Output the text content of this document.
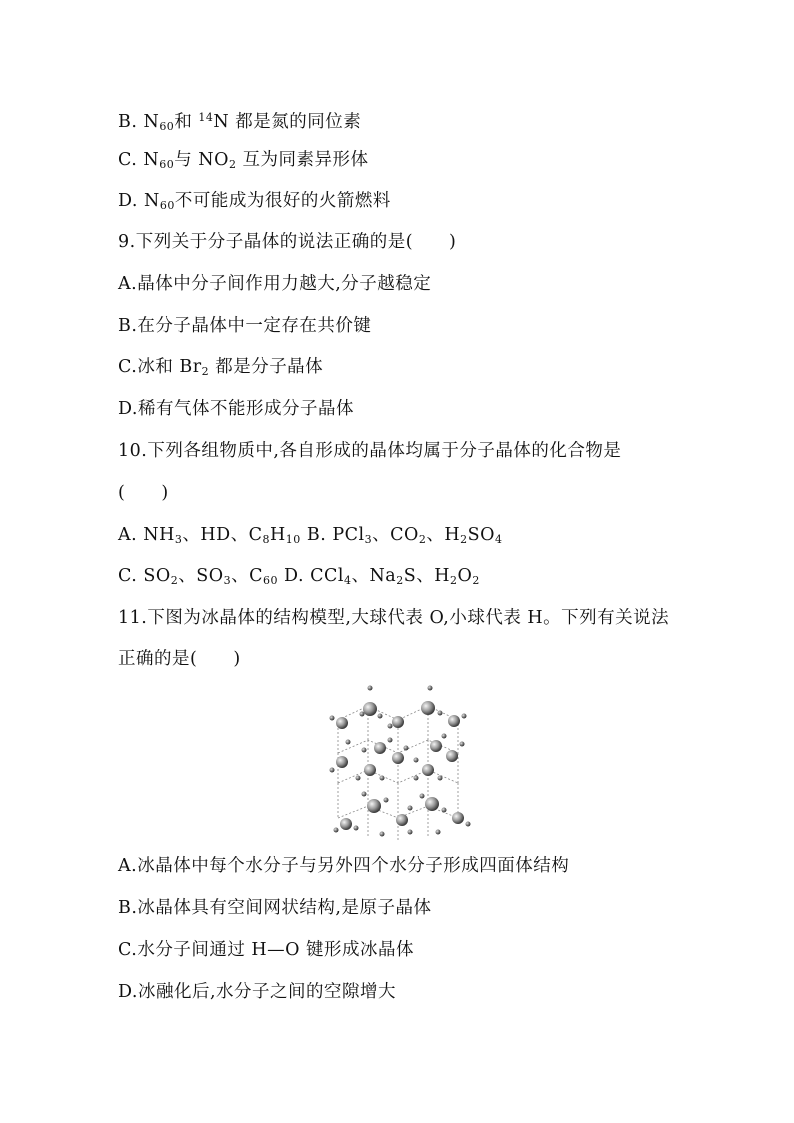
B. $N_{60}$和 $^{14}$N 都是氮的同位素
C. $N_{60}$与 $NO_2$ 互为同素异形体
D. $N_{60}$不可能成为很好的火箭燃料
9.下列关于分子晶体的说法正确的是(　　)
A.晶体中分子间作用力越大,分子越稳定
B.在分子晶体中一定存在共价键
C.冰和 $Br_2$ 都是分子晶体
D.稀有气体不能形成分子晶体
10.下列各组物质中,各自形成的晶体均属于分子晶体的化合物是
(　　)
A. $NH_3$、HD、$C_8H_{10}$ B. PCl$_3$、$CO_2$、$H_2SO_4$
C. $SO_2$、$SO_3$、$C_{60}$ D. CCl$_4$、$Na_2S$、$H_2O_2$
11.下图为冰晶体的结构模型,大球代表 O,小球代表 H。下列有关说法
正确的是(　　)
A.冰晶体中每个水分子与另外四个水分子形成四面体结构
B.冰晶体具有空间网状结构,是原子晶体
C.水分子间通过 H—O 键形成冰晶体
D.冰融化后,水分子之间的空隙增大
